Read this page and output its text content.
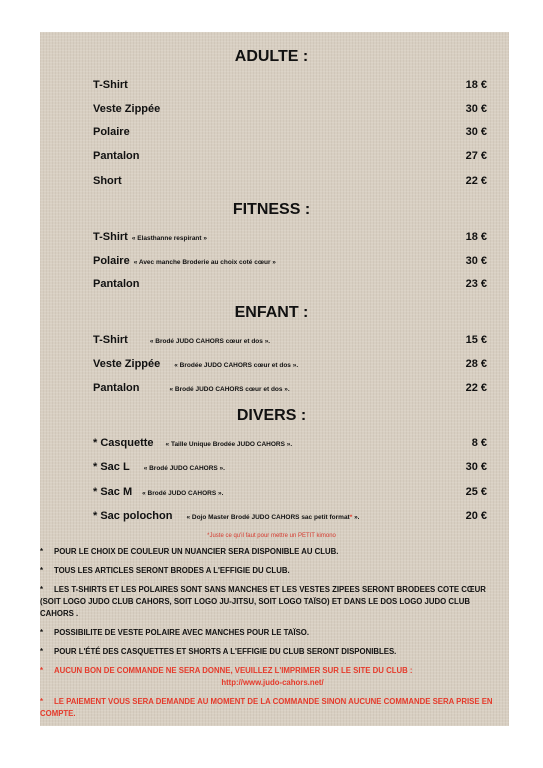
ADULTE :
T-Shirt	18 €
Veste Zippée	30 €
Polaire	30 €
Pantalon	27 €
Short	22 €
FITNESS :
T-Shirt « Elasthanne respirant »	18 €
Polaire « Avec manche Broderie au choix coté cœur »	30 €
Pantalon	23 €
ENFANT :
T-Shirt	« Brodé JUDO CAHORS cœur et dos ».	15 €
Veste Zippée « Brodée JUDO CAHORS cœur et dos ».	28 €
Pantalon	« Brodé JUDO CAHORS cœur et dos ».	22 €
DIVERS :
* Casquette « Taille Unique Brodée JUDO CAHORS ».	8 €
* Sac L « Brodé JUDO CAHORS ».	30 €
* Sac M « Brodé JUDO CAHORS ».	25 €
* Sac polochon « Dojo Master Brodé JUDO CAHORS sac petit format* ».	20 €
*Juste ce qu'il faut pour mettre un PETIT kimono
* POUR LE CHOIX DE COULEUR UN NUANCIER SERA DISPONIBLE AU CLUB.
* TOUS LES ARTICLES SERONT BRODES A L'EFFIGIE DU CLUB.
* LES T-SHIRTS ET LES POLAIRES SONT SANS MANCHES ET LES VESTES ZIPEES SERONT BRODEES COTE CŒUR (SOIT LOGO JUDO CLUB CAHORS, SOIT LOGO JU-JITSU, SOIT LOGO TAÏSO) ET DANS LE DOS LOGO JUDO CLUB CAHORS .
* POSSIBILITE DE VESTE POLAIRE AVEC MANCHES POUR LE TAÏSO.
* POUR L'ÉTÉ DES CASQUETTES ET SHORTS A L'EFFIGIE DU CLUB SERONT DISPONIBLES.
* AUCUN BON DE COMMANDE NE SERA DONNE, VEUILLEZ L'IMPRIMER SUR LE SITE DU CLUB :
http://www.judo-cahors.net/
* LE PAIEMENT VOUS SERA DEMANDE AU MOMENT DE LA COMMANDE SINON AUCUNE COMMANDE SERA PRISE EN COMPTE.
